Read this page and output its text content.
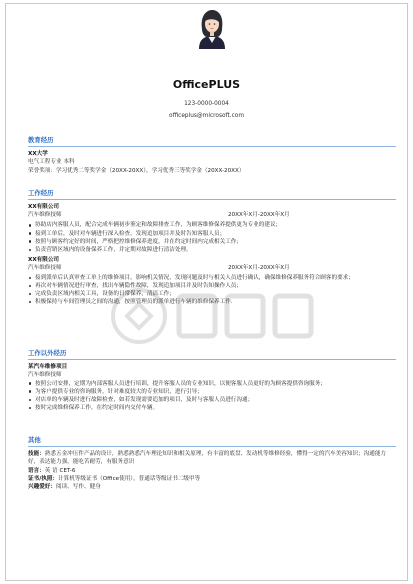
OfficePLUS
123-0000-0004
officeplus@microsoft.com
教育经历
XX大学
电气工程专业 本科
荣誉奖项：学习优秀二等奖学金（20XX-20XX），学习优秀三等奖学金（20XX-20XX）
工作经历
XX有限公司
汽车维修技师	20XX年X月-20XX年X月
协助店内客服人员，配合完成车辆初步鉴定和故障排查工作，为顾客维修保养提供更为专业的建议；
接到工单后，及时对车辆进行深入检查，发现追加项目并及时告知客服人员；
按照与顾客约定好的时间，严格把控维修保养进度，并在约定时间内完成相关工作；
负责营销区域内的设备保养工作，并定期对故障进行清洁处理。
XX有限公司
汽车维修技师	20XX年X月-20XX年X月
接到派单后认真审查工单上的维修项目，影响机关情况，发现问题及时与相关人员进行确认，确保维修保养服务符合顾客的要求；
再次对车辆情况进行审查，找出车辆隐性故障，发现追加项目并及时告知操作人员；
完成负责区域内相关工具，设备的日常保养，清洁工作；
积极保持与车间管理员之间的沟通，按照管理员的派单进行车辆的维修保养工作.
工作以外经历
某汽车维修项目
汽车维修技师
按照公司安排，定期为内部客服人员进行培训，提升客服人员的专业知识，以便客服人员更好的为顾客提供咨询服务；
为客户提供专业的咨询服务，针对难度较大的专业知识，进行引导；
对店单的车辆及时进行故障检查，如若发现需要追加的项目，及时与客服人员进行沟通；
按时完成维修保养工作，在约定时间内交付车辆。
其他
技能：熟悉五金冲压件产品的设计，熟悉熟悉汽车理论知识和相关原理，有丰富的底盘、发动机等维修经验，懂得一定的汽车美容知识；沟通能力好，表达能力强，能吃苦耐劳，有服务意识
语言：英 语 CET-6
证书/执照：计算机等级证书（Office使用），普通话等级证书二级甲等
兴趣爱好：阅读、写作、健身
